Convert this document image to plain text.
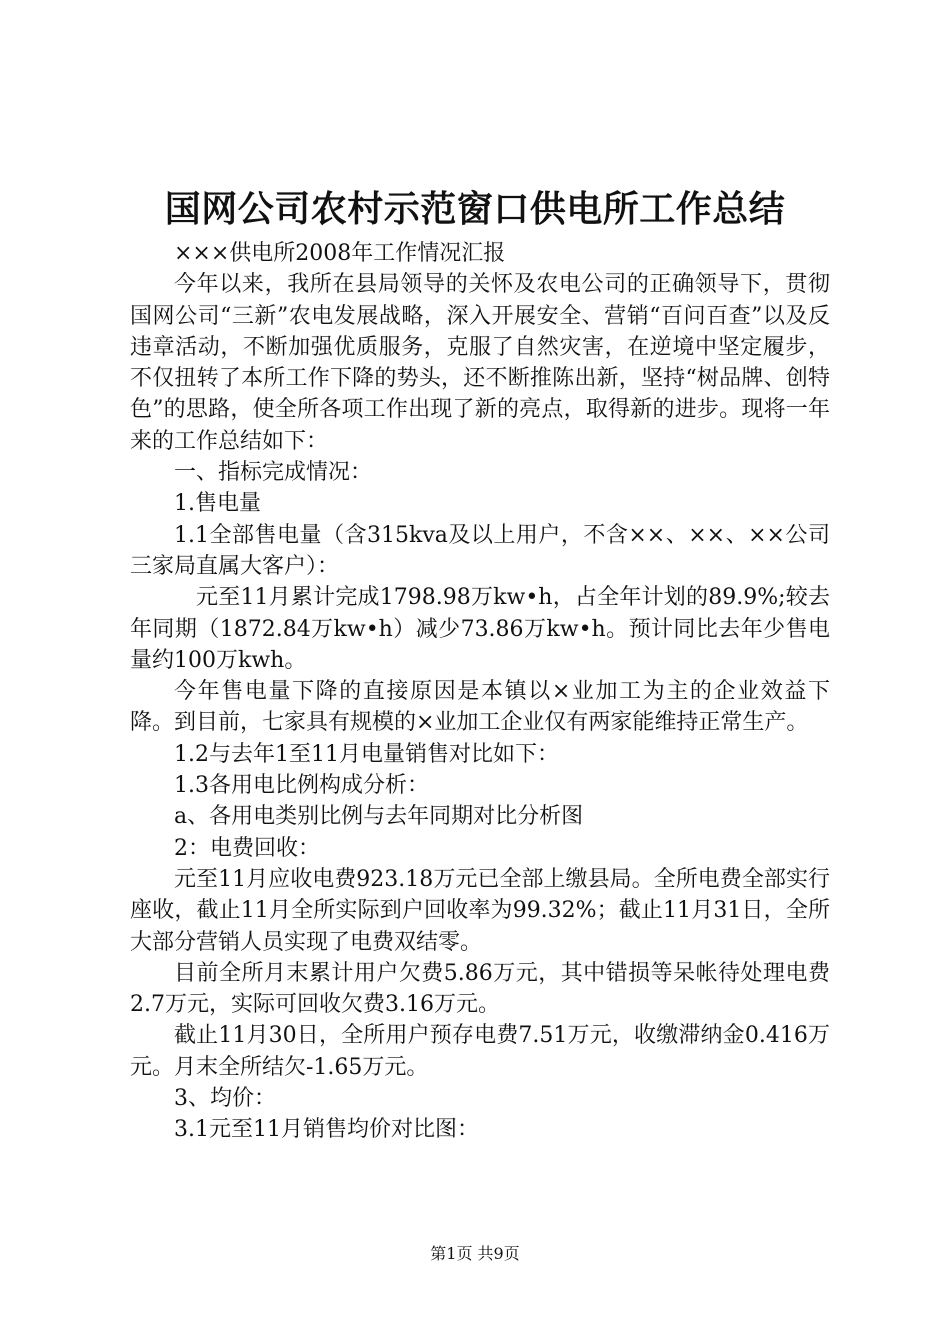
国网公司农村示范窗口供电所工作总结

×××供电所2008年工作情况汇报

今年以来，我所在县局领导的关怀及农电公司的正确领导下，贯彻国网公司“三新”农电发展战略，深入开展安全、营销“百问百查”以及反违章活动，不断加强优质服务，克服了自然灾害，在逆境中坚定履步，不仅扭转了本所工作下降的势头，还不断推陈出新，坚持“树品牌、创特色”的思路，使全所各项工作出现了新的亮点，取得新的进步。现将一年来的工作总结如下：

一、指标完成情况：

1.售电量

1.1全部售电量（含315kva及以上用户，不含××、××、××公司三家局直属大客户）：

元至11月累计完成1798.98万kw•h，占全年计划的89.9%;较去年同期（1872.84万kw•h）减少73.86万kw•h。预计同比去年少售电量约100万kwh。

今年售电量下降的直接原因是本镇以×业加工为主的企业效益下降。到目前，七家具有规模的×业加工企业仅有两家能维持正常生产。

1.2与去年1至11月电量销售对比如下：

1.3各用电比例构成分析：

a、各用电类别比例与去年同期对比分析图

2：电费回收：

元至11月应收电费923.18万元已全部上缴县局。全所电费全部实行座收，截止11月全所实际到户回收率为99.32%；截止11月31日，全所大部分营销人员实现了电费双结零。

目前全所月末累计用户欠费5.86万元，其中错损等呆帐待处理电费2.7万元，实际可回收欠费3.16万元。

截止11月30日，全所用户预存电费7.51万元，收缴滞纳金0.416万元。月末全所结欠-1.65万元。

3、均价：

3.1元至11月销售均价对比图：

第1页 共9页
